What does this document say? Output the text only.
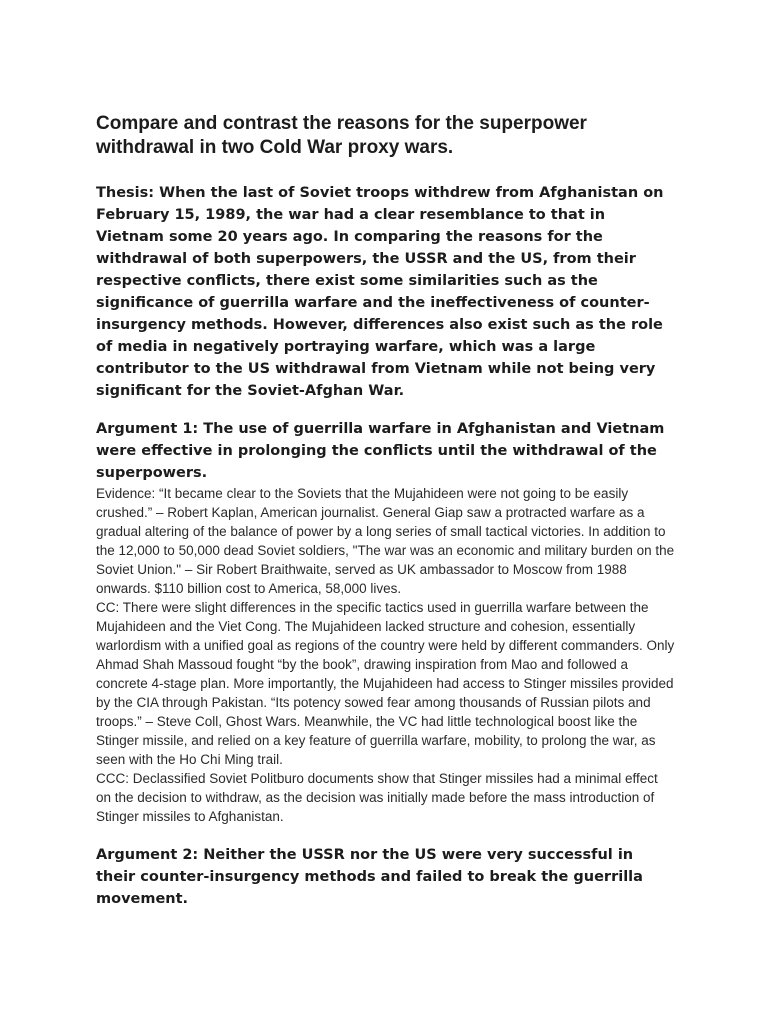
Compare and contrast the reasons for the superpower withdrawal in two Cold War proxy wars.

Thesis: When the last of Soviet troops withdrew from Afghanistan on February 15, 1989, the war had a clear resemblance to that in Vietnam some 20 years ago. In comparing the reasons for the withdrawal of both superpowers, the USSR and the US, from their respective conflicts, there exist some similarities such as the significance of guerrilla warfare and the ineffectiveness of counter-insurgency methods. However, differences also exist such as the role of media in negatively portraying warfare, which was a large contributor to the US withdrawal from Vietnam while not being very significant for the Soviet-Afghan War.

Argument 1: The use of guerrilla warfare in Afghanistan and Vietnam were effective in prolonging the conflicts until the withdrawal of the superpowers.

Evidence: “It became clear to the Soviets that the Mujahideen were not going to be easily crushed.” – Robert Kaplan, American journalist. General Giap saw a protracted warfare as a gradual altering of the balance of power by a long series of small tactical victories. In addition to the 12,000 to 50,000 dead Soviet soldiers, "The war was an economic and military burden on the Soviet Union." – Sir Robert Braithwaite, served as UK ambassador to Moscow from 1988 onwards. $110 billion cost to America, 58,000 lives.

CC: There were slight differences in the specific tactics used in guerrilla warfare between the Mujahideen and the Viet Cong. The Mujahideen lacked structure and cohesion, essentially warlordism with a unified goal as regions of the country were held by different commanders. Only Ahmad Shah Massoud fought “by the book”, drawing inspiration from Mao and followed a concrete 4-stage plan. More importantly, the Mujahideen had access to Stinger missiles provided by the CIA through Pakistan. “Its potency sowed fear among thousands of Russian pilots and troops.” – Steve Coll, Ghost Wars. Meanwhile, the VC had little technological boost like the Stinger missile, and relied on a key feature of guerrilla warfare, mobility, to prolong the war, as seen with the Ho Chi Ming trail.

CCC: Declassified Soviet Politburo documents show that Stinger missiles had a minimal effect on the decision to withdraw, as the decision was initially made before the mass introduction of Stinger missiles to Afghanistan.

Argument 2: Neither the USSR nor the US were very successful in their counter-insurgency methods and failed to break the guerrilla movement.
